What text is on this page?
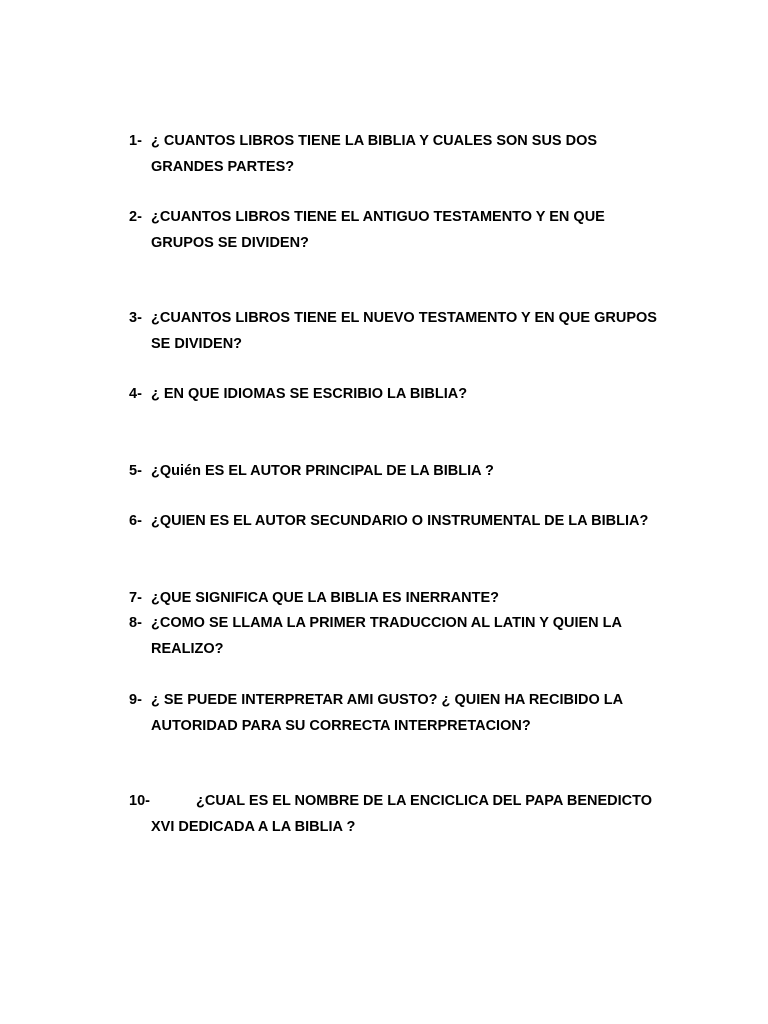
1- ¿ CUANTOS LIBROS TIENE LA BIBLIA Y CUALES SON SUS DOS
GRANDES PARTES?
2- ¿CUANTOS LIBROS TIENE EL ANTIGUO TESTAMENTO Y EN QUE
GRUPOS SE DIVIDEN?
3- ¿CUANTOS LIBROS TIENE EL NUEVO TESTAMENTO Y EN QUE GRUPOS
SE DIVIDEN?
4- ¿ EN QUE IDIOMAS SE ESCRIBIO LA BIBLIA?
5- ¿Quién ES EL AUTOR PRINCIPAL DE LA BIBLIA ?
6- ¿QUIEN ES EL AUTOR SECUNDARIO O INSTRUMENTAL DE LA BIBLIA?
7- ¿QUE SIGNIFICA QUE LA BIBLIA ES INERRANTE?
8- ¿COMO SE LLAMA LA PRIMER TRADUCCION AL LATIN Y QUIEN LA
REALIZO?
9- ¿ SE PUEDE INTERPRETAR AMI GUSTO? ¿ QUIEN HA RECIBIDO LA
AUTORIDAD PARA SU CORRECTA INTERPRETACION?
10-	¿CUAL ES EL NOMBRE DE LA ENCICLICA DEL PAPA BENEDICTO
XVI DEDICADA A LA BIBLIA ?
